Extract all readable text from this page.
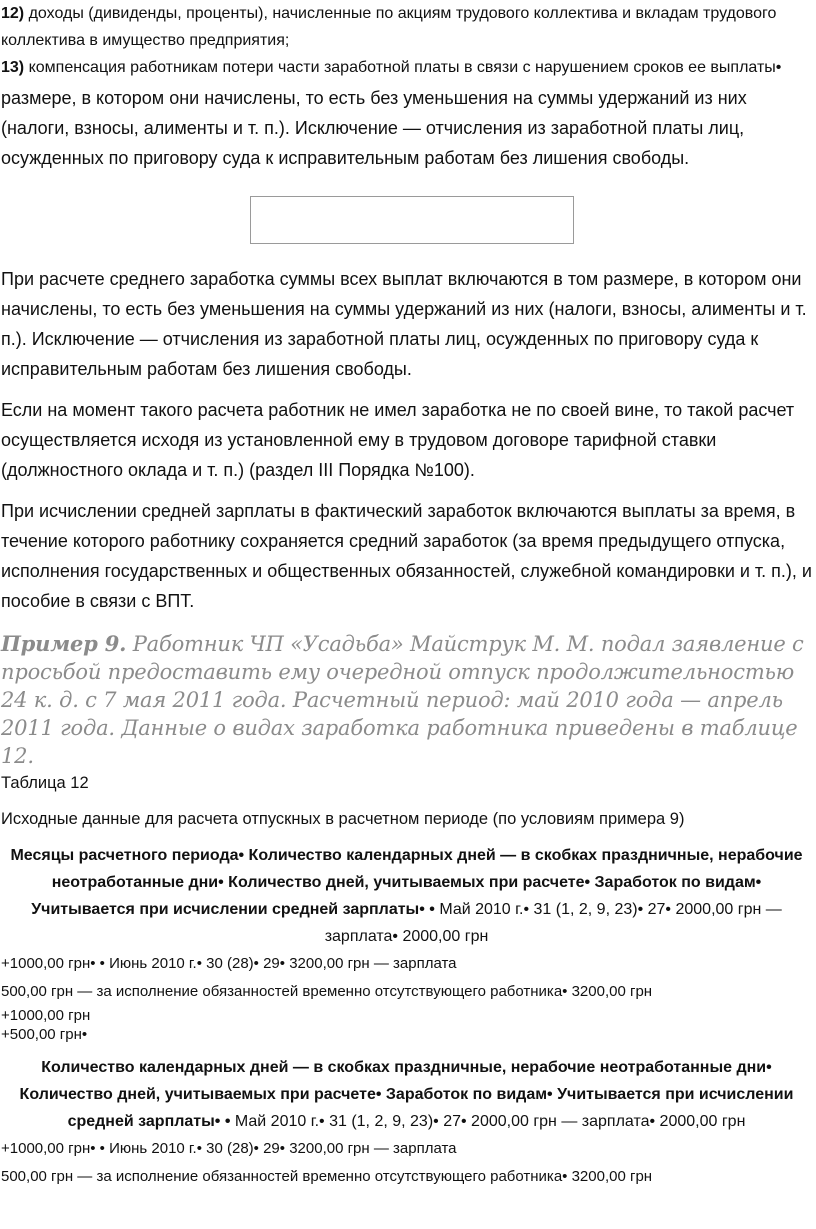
12) доходы (дивиденды, проценты), начисленные по акциям трудового коллектива и вкладам трудового коллектива в имущество предприятия;

13) компенсация работникам потери части заработной платы в связи с нарушением сроков ее выплаты•

размере, в котором они начислены, то есть без уменьшения на суммы удержаний из них (налоги, взносы, алименты и т. п.). Исключение — отчисления из заработной платы лиц, осужденных по приговору суда к исправительным работам без лишения свободы.

При расчете среднего заработка суммы всех выплат включаются в том размере, в котором они начислены, то есть без уменьшения на суммы удержаний из них (налоги, взносы, алименты и т. п.). Исключение — отчисления из заработной платы лиц, осужденных по приговору суда к исправительным работам без лишения свободы.

Если на момент такого расчета работник не имел заработка не по своей вине, то такой расчет осуществляется исходя из установленной ему в трудовом договоре тарифной ставки (должностного оклада и т. п.) (раздел III Порядка №100).

При исчислении средней зарплаты в фактический заработок включаются выплаты за время, в течение которого работнику сохраняется средний заработок (за время предыдущего отпуска, исполнения государственных и общественных обязанностей, служебной командировки и т. п.), и пособие в связи с ВПТ.

Пример 9. Работник ЧП «Усадьба» Майструк М. М. подал заявление с просьбой предоставить ему очередной отпуск продолжительностью 24 к. д. с 7 мая 2011 года. Расчетный период: май 2010 года — апрель 2011 года. Данные о видах заработка работника приведены в таблице 12.

Таблица 12

Исходные данные для расчета отпускных в расчетном периоде (по условиям примера 9)

Месяцы расчетного периода• Количество календарных дней — в скобках праздничные, нерабочие неотработанные дни• Количество дней, учитываемых при расчете• Заработок по видам• Учитывается при исчислении средней зарплаты• • Май 2010 г.• 31 (1, 2, 9, 23)• 27• 2000,00 грн — зарплата• 2000,00 грн
+1000,00 грн• • Июнь 2010 г.• 30 (28)• 29• 3200,00 грн — зарплата
500,00 грн — за исполнение обязанностей временно отсутствующего работника• 3200,00 грн
+1000,00 грн
+500,00 грн•
Количество календарных дней — в скобках праздничные, нерабочие неотработанные дни• Количество дней, учитываемых при расчете• Заработок по видам• Учитывается при исчислении средней зарплаты• • Май 2010 г.• 31 (1, 2, 9, 23)• 27• 2000,00 грн — зарплата• 2000,00 грн
+1000,00 грн• • Июнь 2010 г.• 30 (28)• 29• 3200,00 грн — зарплата
500,00 грн — за исполнение обязанностей временно отсутствующего работника• 3200,00 грн
